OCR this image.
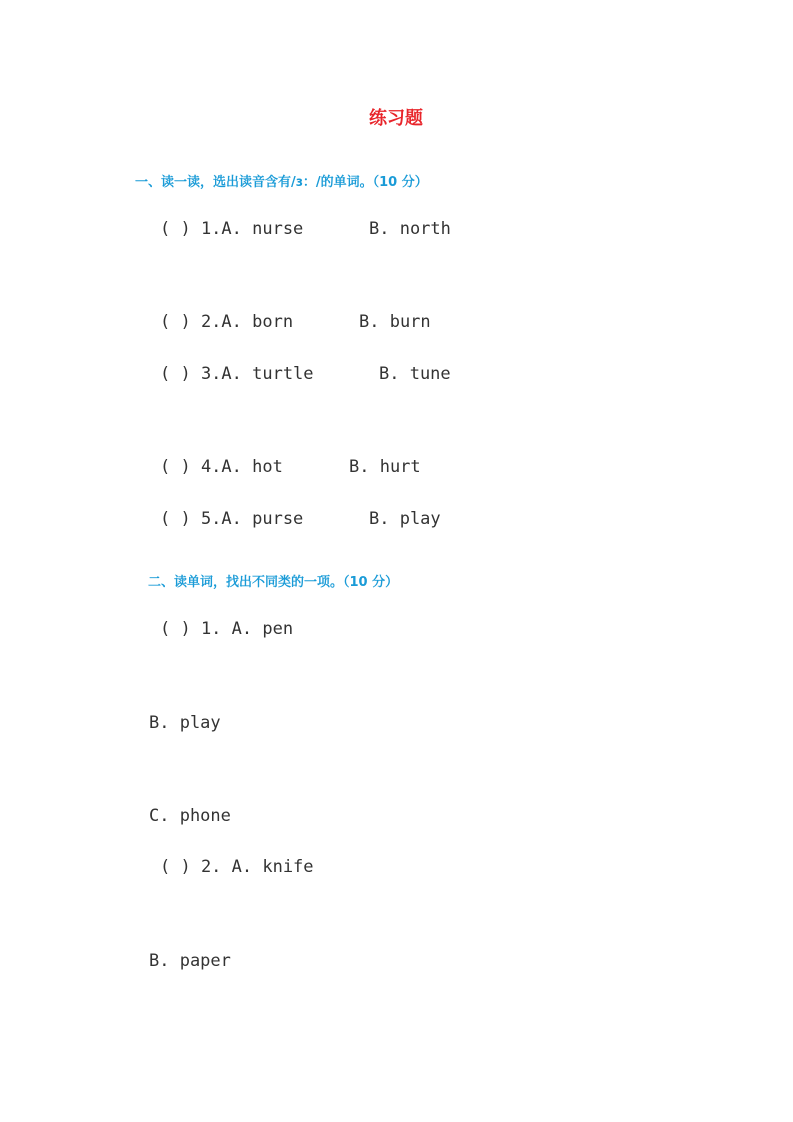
练习题
一、读一读，选出读音含有/ɜ：/的单词。（10 分）
( ) 1.A. nurse	B. north
( ) 2.A. born	B. burn
( ) 3.A. turtle	B. tune
( ) 4.A. hot	B. hurt
( ) 5.A. purse	B. play
二、读单词，找出不同类的一项。（10 分）
( ) 1. A. pen
B. play
C. phone
( ) 2. A. knife
B. paper
